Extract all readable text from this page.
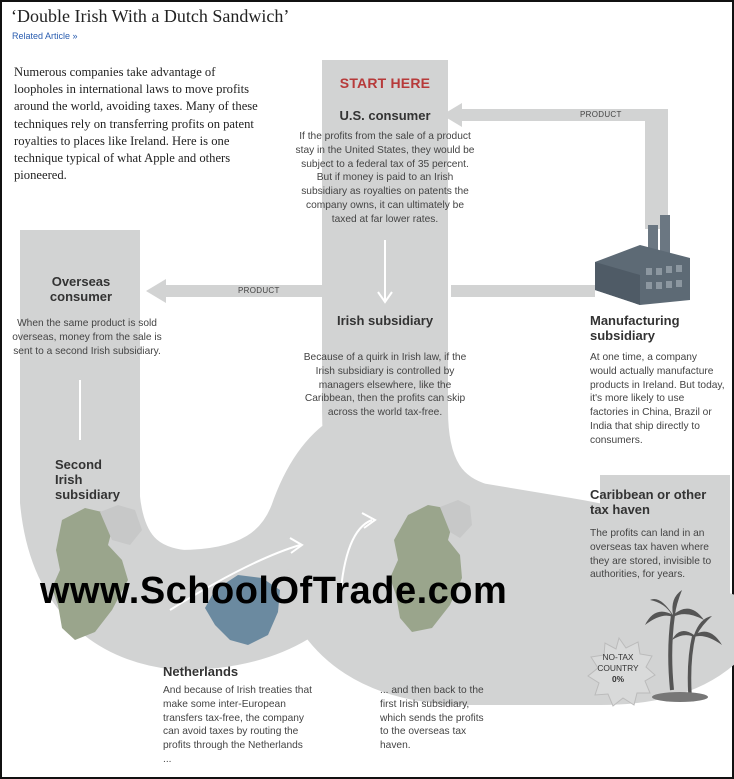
‘Double Irish With a Dutch Sandwich’
Related Article »
Numerous companies take advantage of loopholes in international laws to move profits around the world, avoiding taxes. Many of these techniques rely on transferring profits on patent royalties to places like Ireland. Here is one technique typical of what Apple and others pioneered.
START HERE
U.S. consumer
If the profits from the sale of a product stay in the United States, they would be subject to a federal tax of 35 percent. But if money is paid to an Irish subsidiary as royalties on patents the company owns, it can ultimately be taxed at far lower rates.
Irish subsidiary
Because of a quirk in Irish law, if the Irish subsidiary is controlled by managers elsewhere, like the Caribbean, then the profits can skip across the world tax-free.
Overseas consumer
When the same product is sold overseas, money from the sale is sent to a second Irish subsidiary.
Manufacturing subsidiary
At one time, a company would actually manufacture products in Ireland. But today, it's more likely to use factories in China, Brazil or India that ship directly to consumers.
Second Irish subsidiary	Caribbean or other tax haven
The profits can land in an overseas tax haven where they are stored, invisible to authorities, for years.
Netherlands
And because of Irish treaties that make some inter-European transfers tax-free, the company can avoid taxes by routing the profits through the Netherlands ...
... and then back to the first Irish subsidiary, which sends the profits to the overseas tax haven.
PRODUCT
PRODUCT
NO-TAX
COUNTRY
0%
www.SchoolOfTrade.com
